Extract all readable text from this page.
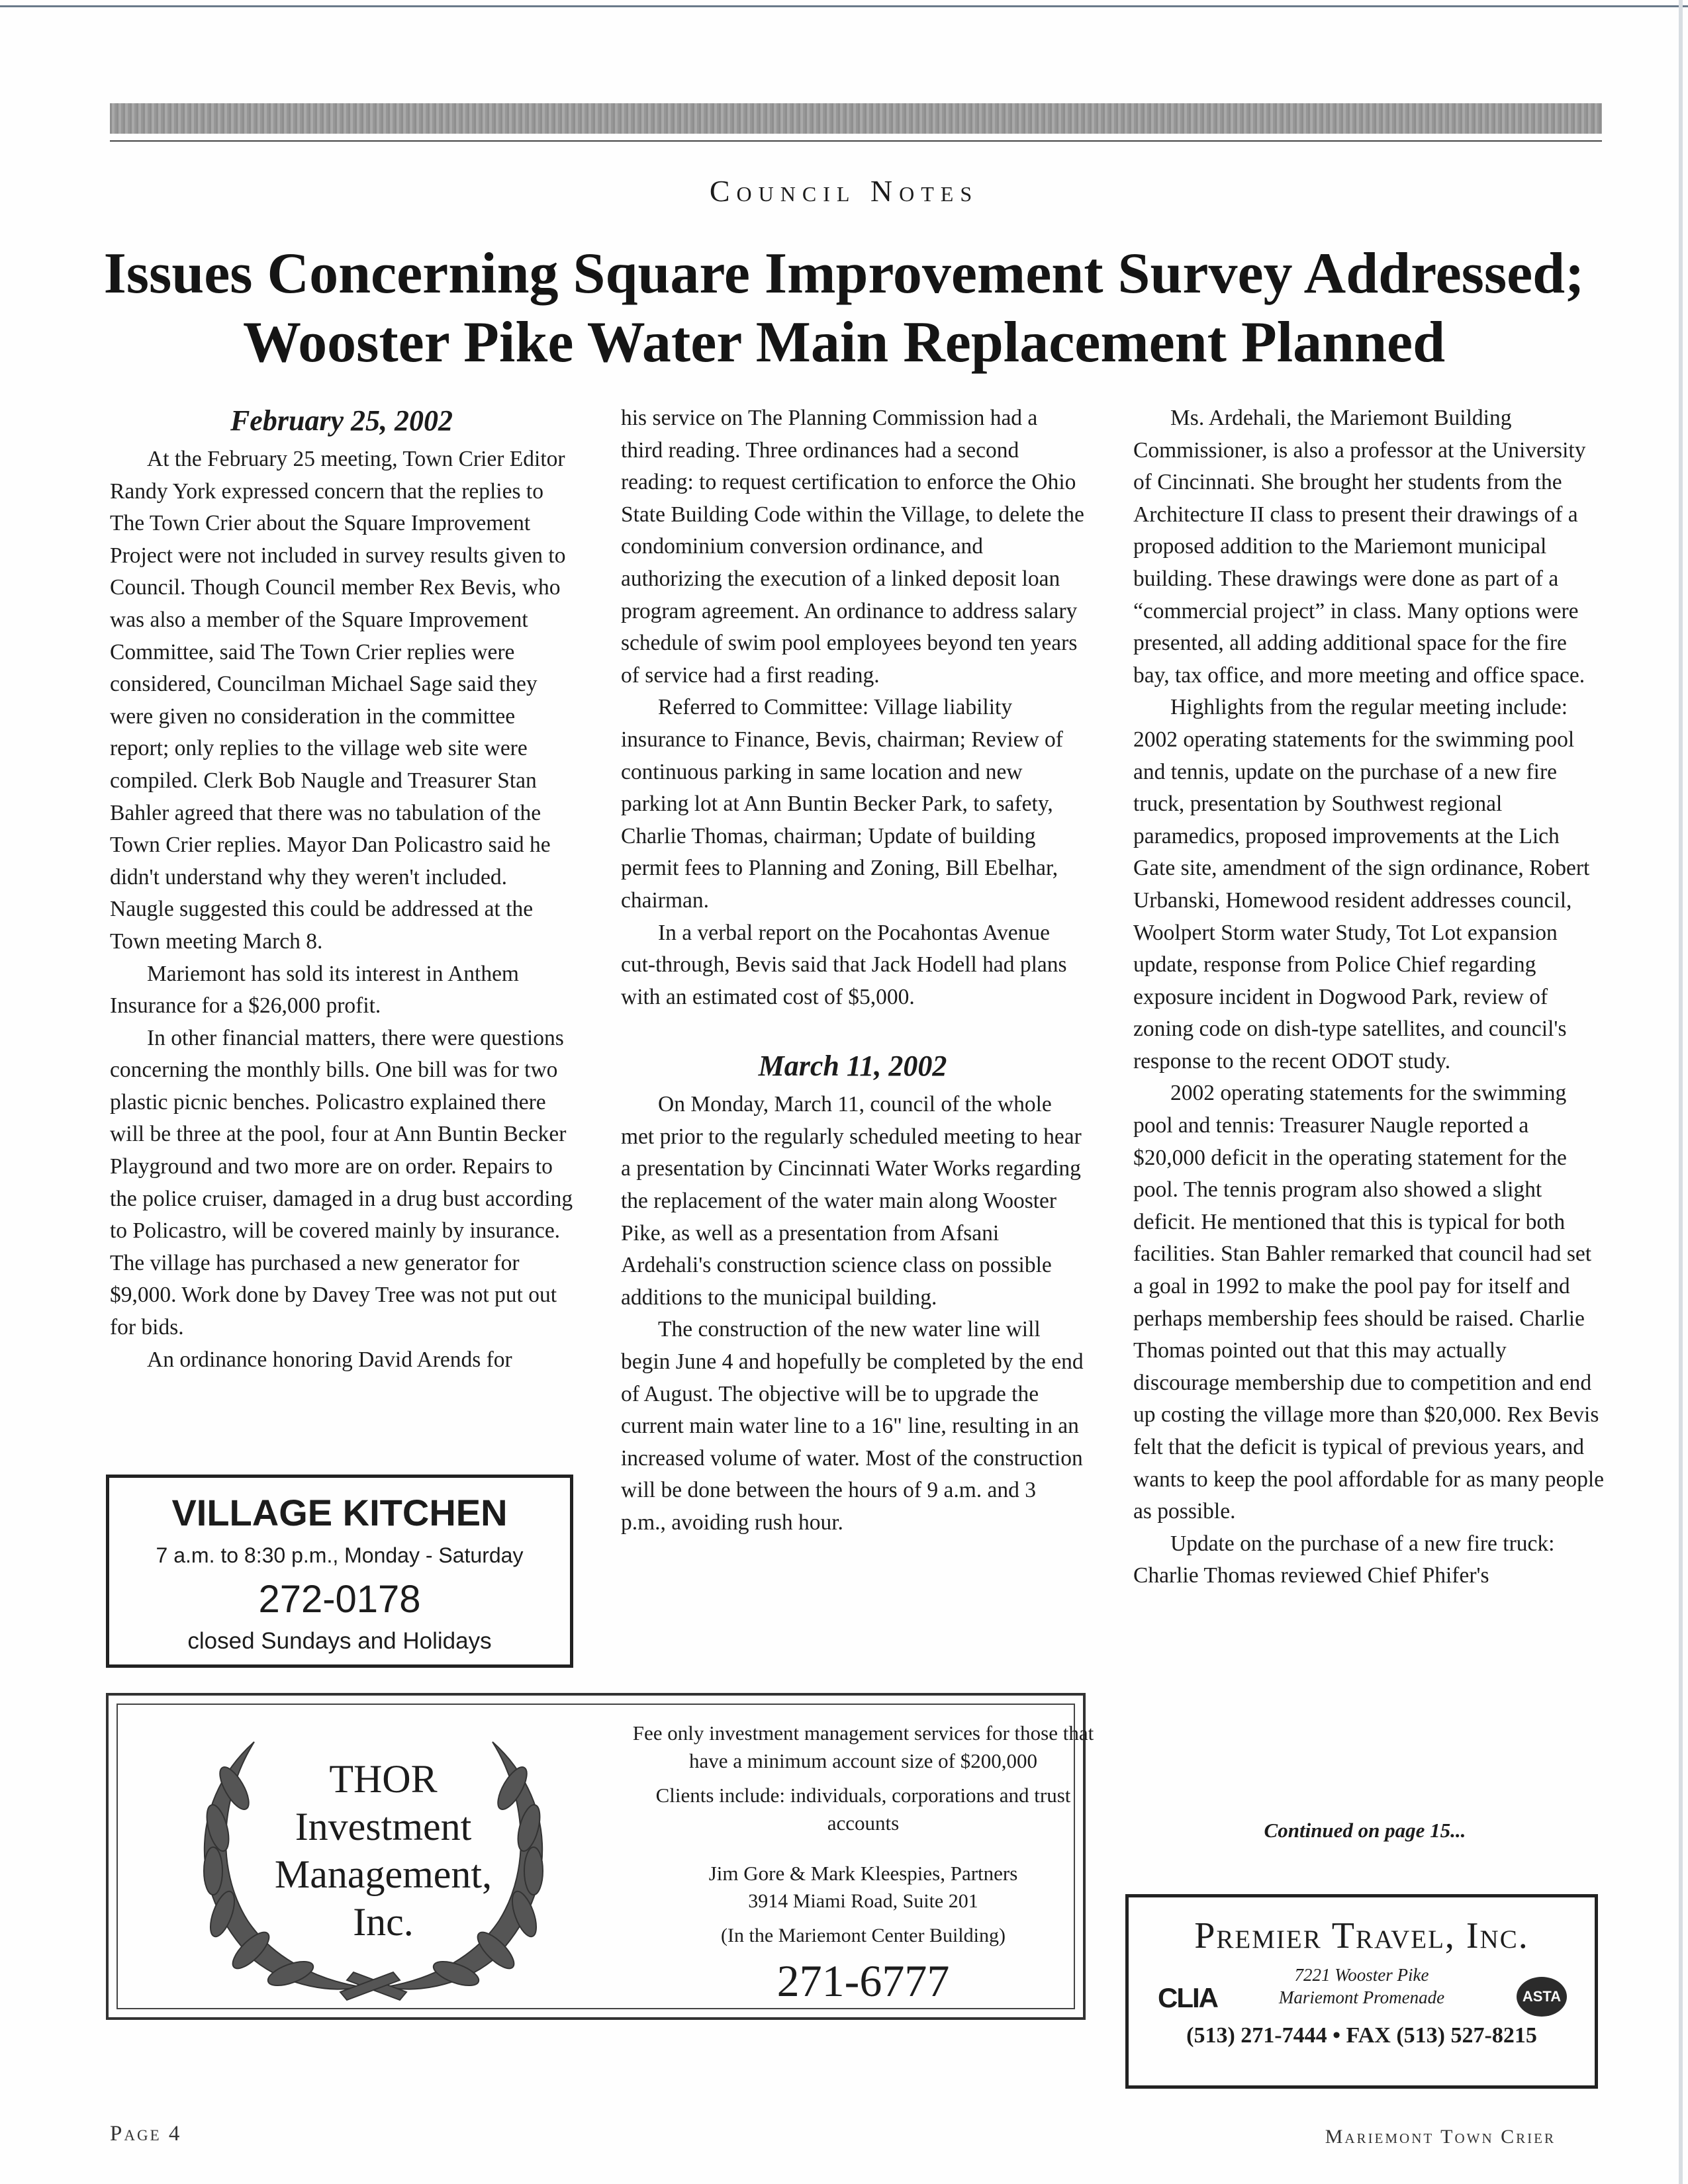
Council Notes
Issues Concerning Square Improvement Survey Addressed;
Wooster Pike Water Main Replacement Planned

February 25, 2002

At the February 25 meeting, Town Crier Editor Randy York expressed concern that the replies to The Town Crier about the Square Improvement Project were not included in survey results given to Council. Though Council member Rex Bevis, who was also a member of the Square Improvement Committee, said The Town Crier replies were considered, Councilman Michael Sage said they were given no consideration in the committee report; only replies to the village web site were compiled. Clerk Bob Naugle and Treasurer Stan Bahler agreed that there was no tabulation of the Town Crier replies. Mayor Dan Policastro said he didn't understand why they weren't included. Naugle suggested this could be addressed at the Town meeting March 8.

Mariemont has sold its interest in Anthem Insurance for a $26,000 profit.

In other financial matters, there were questions concerning the monthly bills. One bill was for two plastic picnic benches. Policastro explained there will be three at the pool, four at Ann Buntin Becker Playground and two more are on order. Repairs to the police cruiser, damaged in a drug bust according to Policastro, will be covered mainly by insurance. The village has purchased a new generator for $9,000. Work done by Davey Tree was not put out for bids.

An ordinance honoring David Arends for

his service on The Planning Commission had a third reading. Three ordinances had a second reading: to request certification to enforce the Ohio State Building Code within the Village, to delete the condominium conversion ordinance, and authorizing the execution of a linked deposit loan program agreement. An ordinance to address salary schedule of swim pool employees beyond ten years of service had a first reading.

Referred to Committee: Village liability insurance to Finance, Bevis, chairman; Review of continuous parking in same location and new parking lot at Ann Buntin Becker Park, to safety, Charlie Thomas, chairman; Update of building permit fees to Planning and Zoning, Bill Ebelhar, chairman.

In a verbal report on the Pocahontas Avenue cut-through, Bevis said that Jack Hodell had plans with an estimated cost of $5,000.

March 11, 2002

On Monday, March 11, council of the whole met prior to the regularly scheduled meeting to hear a presentation by Cincinnati Water Works regarding the replacement of the water main along Wooster Pike, as well as a presentation from Afsani Ardehali's construction science class on possible additions to the municipal building.

The construction of the new water line will begin June 4 and hopefully be completed by the end of August. The objective will be to upgrade the current main water line to a 16" line, resulting in an increased volume of water. Most of the construction will be done between the hours of 9 a.m. and 3 p.m., avoiding rush hour.

Ms. Ardehali, the Mariemont Building Commissioner, is also a professor at the University of Cincinnati. She brought her students from the Architecture II class to present their drawings of a proposed addition to the Mariemont municipal building. These drawings were done as part of a “commercial project” in class. Many options were presented, all adding additional space for the fire bay, tax office, and more meeting and office space.

Highlights from the regular meeting include: 2002 operating statements for the swimming pool and tennis, update on the purchase of a new fire truck, presentation by Southwest regional paramedics, proposed improvements at the Lich Gate site, amendment of the sign ordinance, Robert Urbanski, Homewood resident addresses council, Woolpert Storm water Study, Tot Lot expansion update, response from Police Chief regarding exposure incident in Dogwood Park, review of zoning code on dish-type satellites, and council's response to the recent ODOT study.

2002 operating statements for the swimming pool and tennis: Treasurer Naugle reported a $20,000 deficit in the operating statement for the pool. The tennis program also showed a slight deficit. He mentioned that this is typical for both facilities. Stan Bahler remarked that council had set a goal in 1992 to make the pool pay for itself and perhaps membership fees should be raised. Charlie Thomas pointed out that this may actually discourage membership due to competition and end up costing the village more than $20,000. Rex Bevis felt that the deficit is typical of previous years, and wants to keep the pool affordable for as many people as possible.

Update on the purchase of a new fire truck: Charlie Thomas reviewed Chief Phifer's

Continued on page 15...
VILLAGE KITCHEN
7 a.m. to 8:30 p.m., Monday - Saturday
272-0178
closed Sundays and Holidays
THOR
Investment
Management,
Inc.
Fee only investment management services for those that have a minimum account size of $200,000
Clients include: individuals, corporations and trust accounts
Jim Gore & Mark Kleespies, Partners
3914 Miami Road, Suite 201
(In the Mariemont Center Building)
271-6777
Premier Travel, Inc.
CLIA	ASTA
7221 Wooster Pike
Mariemont Promenade
(513) 271-7444 • FAX (513) 527-8215
Page 4	Mariemont Town Crier
